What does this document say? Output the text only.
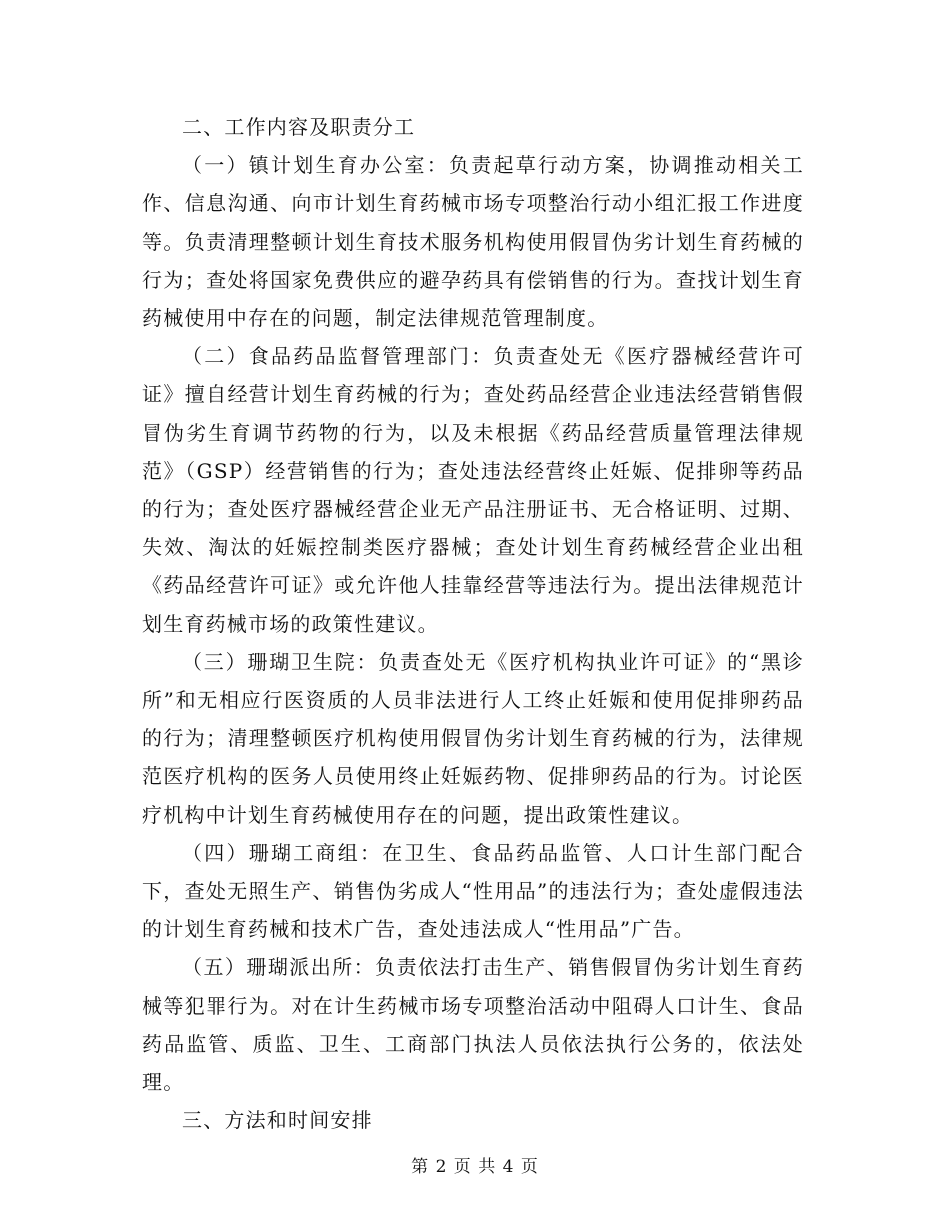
二、工作内容及职责分工

（一）镇计划生育办公室：负责起草行动方案，协调推动相关工作、信息沟通、向市计划生育药械市场专项整治行动小组汇报工作进度等。负责清理整顿计划生育技术服务机构使用假冒伪劣计划生育药械的行为；查处将国家免费供应的避孕药具有偿销售的行为。查找计划生育药械使用中存在的问题，制定法律规范管理制度。

（二）食品药品监督管理部门：负责查处无《医疗器械经营许可证》擅自经营计划生育药械的行为；查处药品经营企业违法经营销售假冒伪劣生育调节药物的行为，以及未根据《药品经营质量管理法律规范》（GSP）经营销售的行为；查处违法经营终止妊娠、促排卵等药品的行为；查处医疗器械经营企业无产品注册证书、无合格证明、过期、失效、淘汰的妊娠控制类医疗器械；查处计划生育药械经营企业出租《药品经营许可证》或允许他人挂靠经营等违法行为。提出法律规范计划生育药械市场的政策性建议。

（三）珊瑚卫生院：负责查处无《医疗机构执业许可证》的“黑诊所”和无相应行医资质的人员非法进行人工终止妊娠和使用促排卵药品的行为；清理整顿医疗机构使用假冒伪劣计划生育药械的行为，法律规范医疗机构的医务人员使用终止妊娠药物、促排卵药品的行为。讨论医疗机构中计划生育药械使用存在的问题，提出政策性建议。

（四）珊瑚工商组：在卫生、食品药品监管、人口计生部门配合下，查处无照生产、销售伪劣成人“性用品”的违法行为；查处虚假违法的计划生育药械和技术广告，查处违法成人“性用品”广告。

（五）珊瑚派出所：负责依法打击生产、销售假冒伪劣计划生育药械等犯罪行为。对在计生药械市场专项整治活动中阻碍人口计生、食品药品监管、质监、卫生、工商部门执法人员依法执行公务的，依法处理。

三、方法和时间安排

第 2 页 共 4 页
